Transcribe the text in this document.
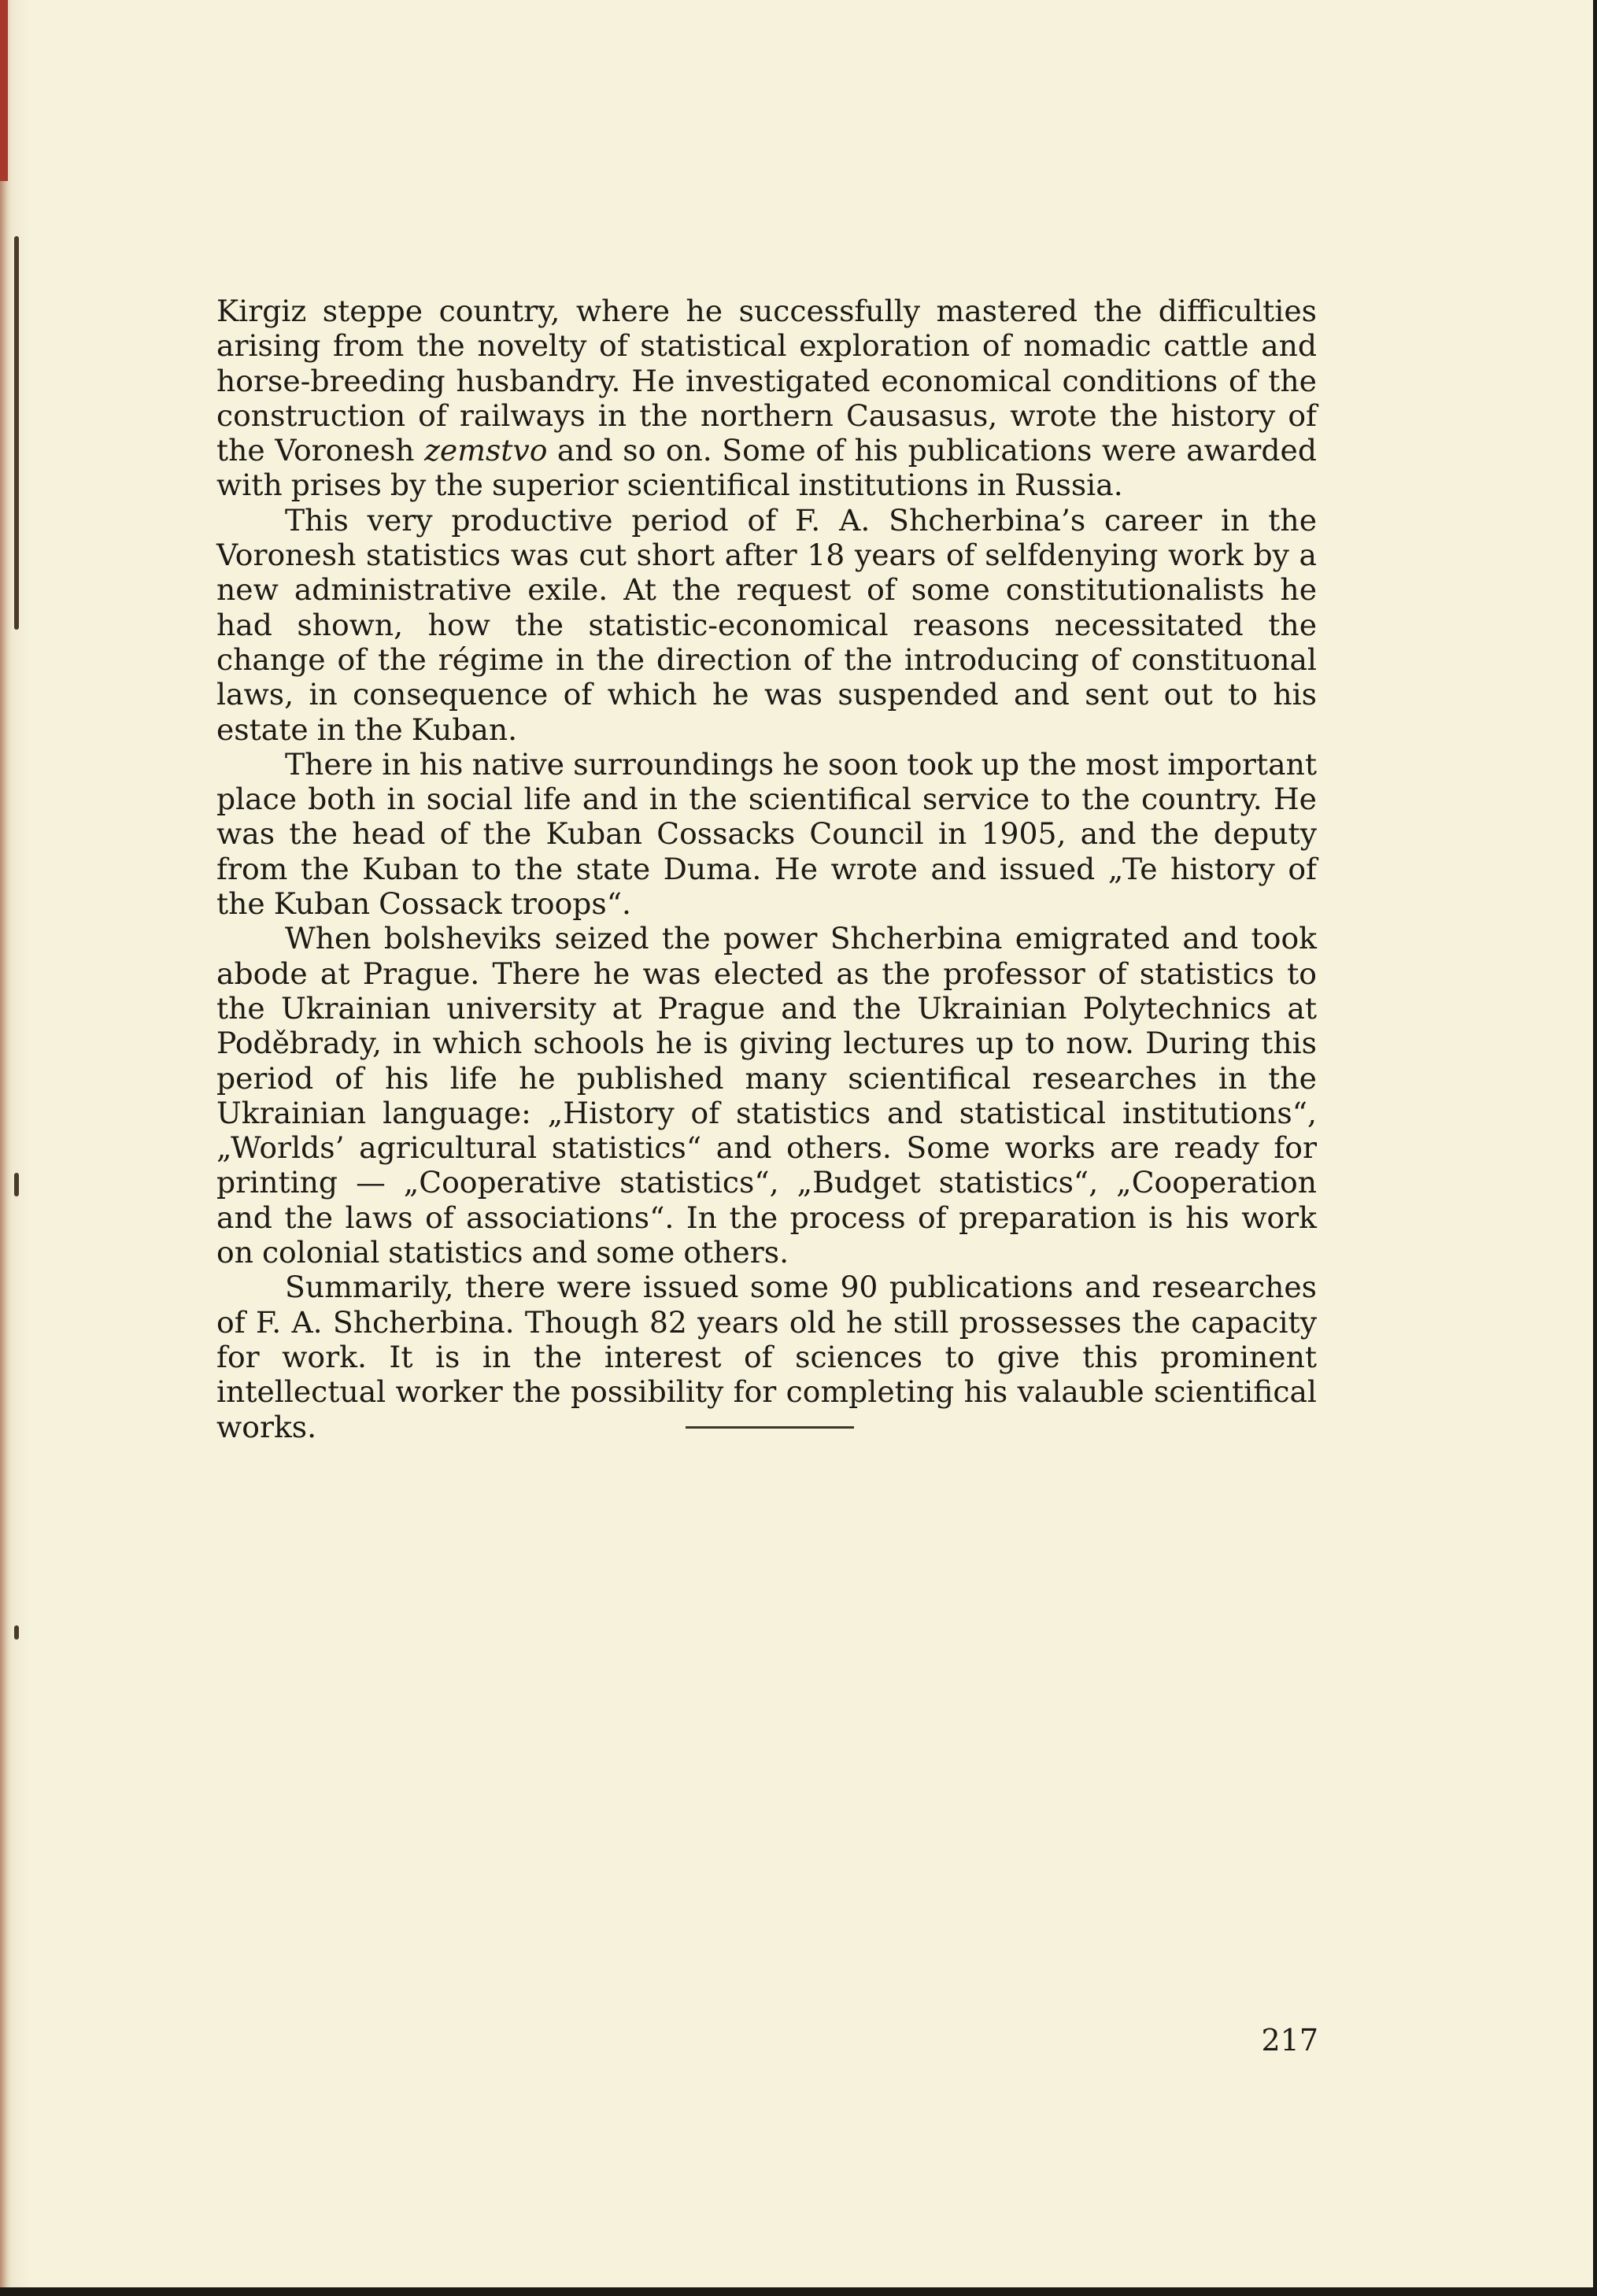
Kirgiz steppe country, where he successfully mastered the difficulties arising from the novelty of statistical exploration of nomadic cattle and horse-breeding husbandry. He investigated economical conditions of the construction of railways in the northern Causasus, wrote the history of the Voronesh zemstvo and so on. Some of his publications were awarded with prises by the superior scientifical institutions in Russia.

This very productive period of F. A. Shcherbina’s career in the Voronesh statistics was cut short after 18 years of selfdenying work by a new administrative exile. At the request of some constitutionalists he had shown, how the statistic-economical reasons necessitated the change of the régime in the direction of the introducing of constituonal laws, in consequence of which he was suspended and sent out to his estate in the Kuban.

There in his native surroundings he soon took up the most important place both in social life and in the scientifical service to the country. He was the head of the Kuban Cossacks Council in 1905, and the deputy from the Kuban to the state Duma. He wrote and issued „Te history of the Kuban Cossack troops“.

When bolsheviks seized the power Shcherbina emigrated and took abode at Prague. There he was elected as the professor of statistics to the Ukrainian university at Prague and the Ukrainian Polytechnics at Poděbrady, in which schools he is giving lectures up to now. During this period of his life he published many scientifical researches in the Ukrainian language: „History of statistics and statistical institutions“, „Worlds’ agricultural statistics“ and others. Some works are ready for printing — „Cooperative statistics“, „Budget statistics“, „Cooperation and the laws of associations“. In the process of preparation is his work on colonial statistics and some others.

Summarily, there were issued some 90 publications and researches of F. A. Shcherbina. Though 82 years old he still prossesses the capacity for work. It is in the interest of sciences to give this prominent intellectual worker the possibility for completing his valauble scientifical works.

217
